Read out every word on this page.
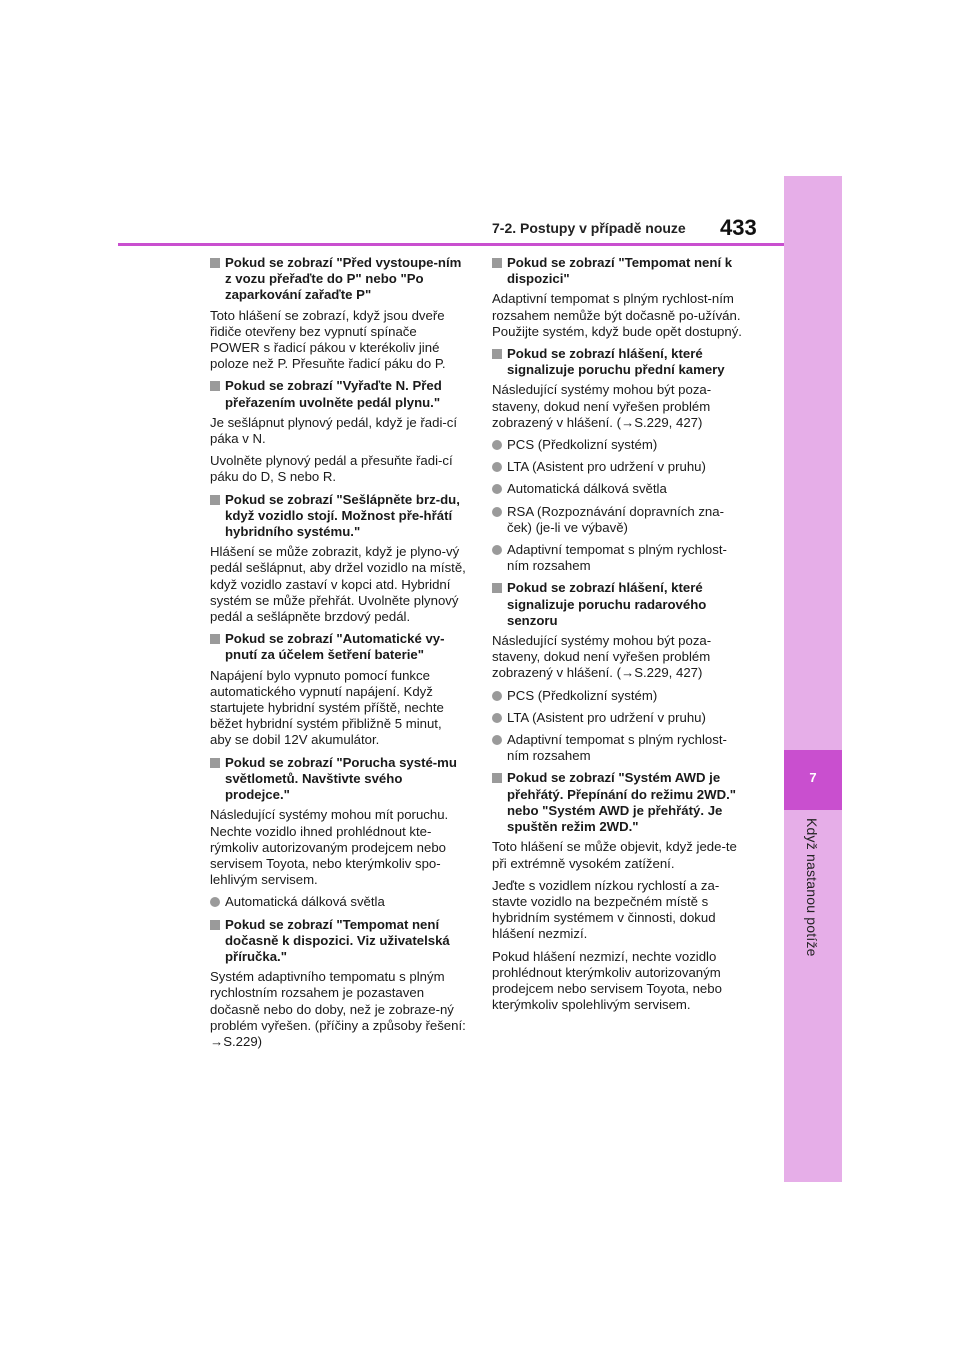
7
Když nastanou potíže
7-2. Postupy v případě nouze 433
Pokud se zobrazí "Před vystoupe-ním z vozu přeřaďte do P" nebo "Po zaparkování zařaďte P"
Toto hlášení se zobrazí, když jsou dveře řidiče otevřeny bez vypnutí spínače POWER s řadicí pákou v kterékoliv jiné poloze než P. Přesuňte řadicí páku do P.
Pokud se zobrazí "Vyřaďte N. Před přeřazením uvolněte pedál plynu."
Je sešlápnut plynový pedál, když je řadi-cí páka v N.
Uvolněte plynový pedál a přesuňte řadi-cí páku do D, S nebo R.
Pokud se zobrazí "Sešlápněte brz-du, když vozidlo stojí. Možnost pře-hřátí hybridního systému."
Hlášení se může zobrazit, když je plyno-vý pedál sešlápnut, aby držel vozidlo na místě, když vozidlo zastaví v kopci atd. Hybridní systém se může přehřát. Uvolněte plynový pedál a sešlápněte brzdový pedál.
Pokud se zobrazí "Automatické vy-pnutí za účelem šetření baterie"
Napájení bylo vypnuto pomocí funkce automatického vypnutí napájení. Když startujete hybridní systém příště, nechte běžet hybridní systém přibližně 5 minut, aby se dobil 12V akumulátor.
Pokud se zobrazí "Porucha systé-mu světlometů. Navštivte svého prodejce."
Následující systémy mohou mít poruchu. Nechte vozidlo ihned prohlédnout kte-rýmkoliv autorizovaným prodejcem nebo servisem Toyota, nebo kterýmkoliv spo-lehlivým servisem.
Automatická dálková světla
Pokud se zobrazí "Tempomat není dočasně k dispozici. Viz uživatelská příručka."
Systém adaptivního tempomatu s plným rychlostním rozsahem je pozastaven dočasně nebo do doby, než je zobraze-ný problém vyřešen. (příčiny a způsoby řešení: →S.229)
Pokud se zobrazí "Tempomat není k dispozici"
Adaptivní tempomat s plným rychlost-ním rozsahem nemůže být dočasně po-užíván. Použijte systém, když bude opět dostupný.
Pokud se zobrazí hlášení, které signalizuje poruchu přední kamery
Následující systémy mohou být poza-staveny, dokud není vyřešen problém zobrazený v hlášení. (→S.229, 427)
PCS (Předkolizní systém)
LTA (Asistent pro udržení v pruhu)
Automatická dálková světla
RSA (Rozpoznávání dopravních zna-ček) (je-li ve výbavě)
Adaptivní tempomat s plným rychlost-ním rozsahem
Pokud se zobrazí hlášení, které signalizuje poruchu radarového senzoru
Následující systémy mohou být poza-staveny, dokud není vyřešen problém zobrazený v hlášení. (→S.229, 427)
PCS (Předkolizní systém)
LTA (Asistent pro udržení v pruhu)
Adaptivní tempomat s plným rychlost-ním rozsahem
Pokud se zobrazí "Systém AWD je přehřátý. Přepínání do režimu 2WD." nebo "Systém AWD je přehřátý. Je spuštěn režim 2WD."
Toto hlášení se může objevit, když jede-te při extrémně vysokém zatížení.
Jeďte s vozidlem nízkou rychlostí a za-stavte vozidlo na bezpečném místě s hybridním systémem v činnosti, dokud hlášení nezmizí.
Pokud hlášení nezmizí, nechte vozidlo prohlédnout kterýmkoliv autorizovaným prodejcem nebo servisem Toyota, nebo kterýmkoliv spolehlivým servisem.
